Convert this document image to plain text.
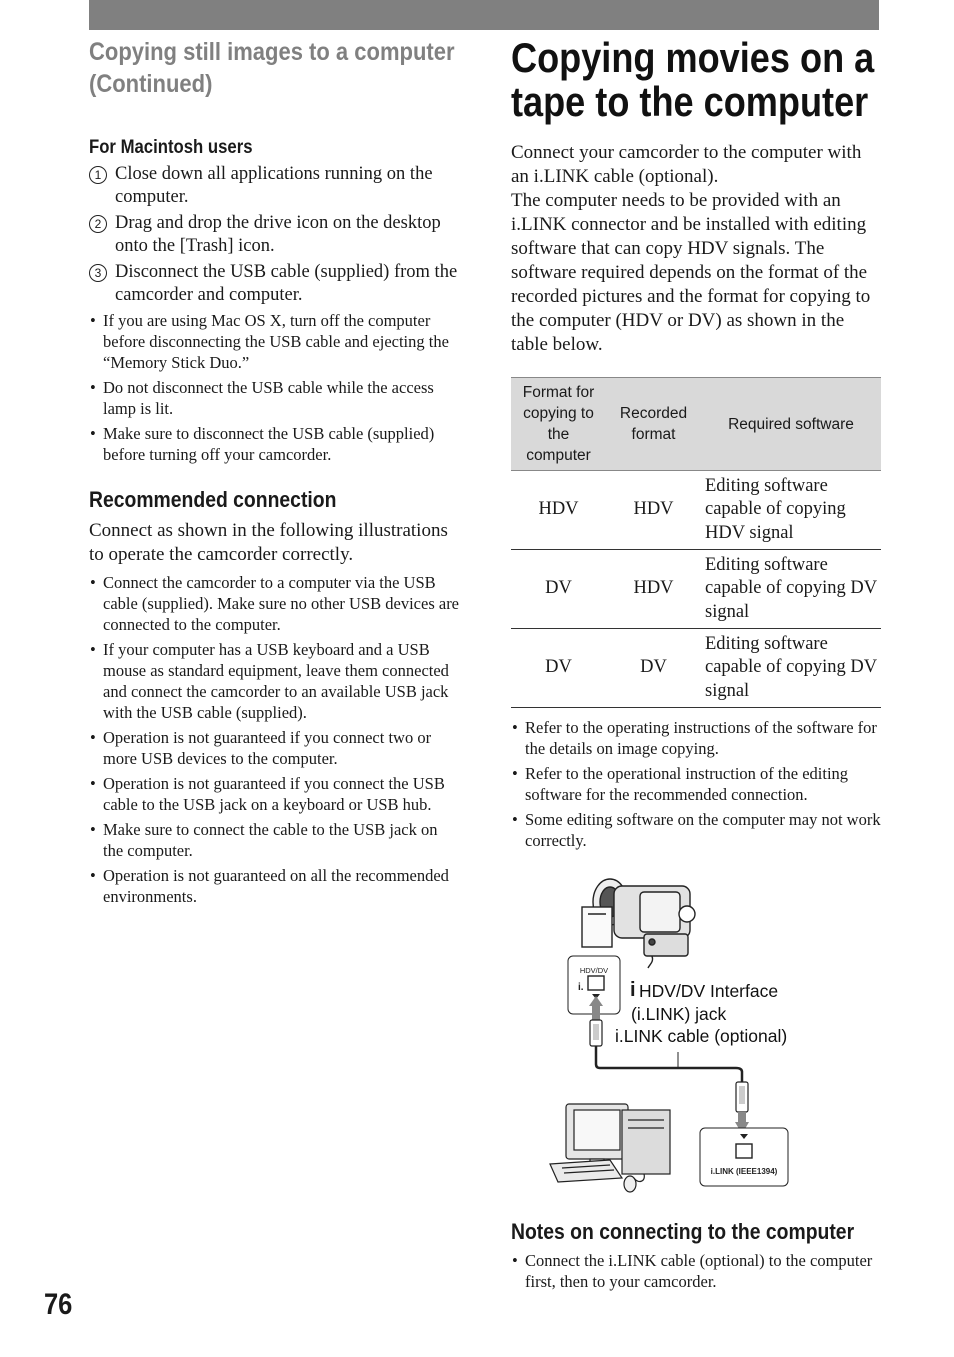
Copying still images to a computer (Continued)
For Macintosh users
1 Close down all applications running on the computer.
2 Drag and drop the drive icon on the desktop onto the [Trash] icon.
3 Disconnect the USB cable (supplied) from the camcorder and computer.
• If you are using Mac OS X, turn off the computer before disconnecting the USB cable and ejecting the “Memory Stick Duo.”
• Do not disconnect the USB cable while the access lamp is lit.
• Make sure to disconnect the USB cable (supplied) before turning off your camcorder.
Recommended connection

Connect as shown in the following illustrations to operate the camcorder correctly.

• Connect the camcorder to a computer via the USB cable (supplied). Make sure no other USB devices are connected to the computer.
• If your computer has a USB keyboard and a USB mouse as standard equipment, leave them connected and connect the camcorder to an available USB jack with the USB cable (supplied).
• Operation is not guaranteed if you connect two or more USB devices to the computer.
• Operation is not guaranteed if you connect the USB cable to the USB jack on a keyboard or USB hub.
• Make sure to connect the cable to the USB jack on the computer.
• Operation is not guaranteed on all the recommended environments.
Copying movies on a tape to the computer

Connect your camcorder to the computer with an i.LINK cable (optional).

The computer needs to be provided with an i.LINK connector and be installed with editing software that can copy HDV signals. The software required depends on the format of the recorded pictures and the format for copying to the computer (HDV or DV) as shown in the table below.

Format for copying to the computer	Recorded format	Required software
HDV	HDV	Editing software capable of copying HDV signal
DV	HDV	Editing software capable of copying DV signal
DV	DV	Editing software capable of copying DV signal
• Refer to the operating instructions of the software for the details on image copying.
• Refer to the operational instruction of the editing software for the recommended connection.
• Some editing software on the computer may not work correctly.
HDV/DV
i.
i.LINK (IEEE1394)
i HDV/DV Interface
(i.LINK) jack
i.LINK cable (optional)
Notes on connecting to the computer
• Connect the i.LINK cable (optional) to the computer first, then to your camcorder.
76
